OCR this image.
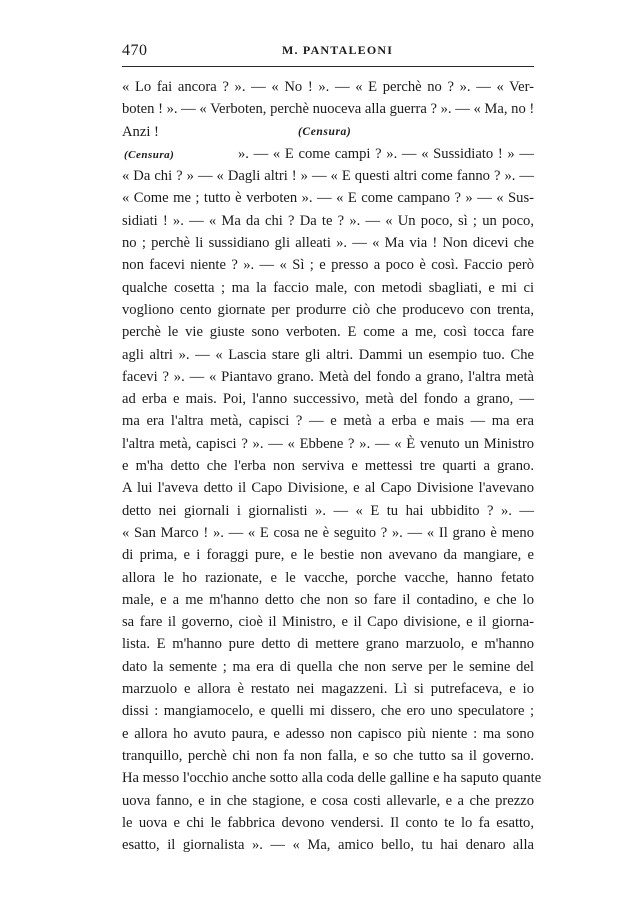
470	M. PANTALEONI
« Lo fai ancora ? ». — « No ! ». — « E perchè no ? ». — « Ver-
boten ! ». — « Verboten, perchè nuoceva alla guerra ? ». — « Ma, no !
Anzi !	(Censura)
(Censura)	». — « E come campi ? ». — « Sussidiato ! » —
« Da chi ? » — « Dagli altri ! » — « E questi altri come fanno ? ». —
« Come me ; tutto è verboten ». — « E come campano ? » — « Sus-
sidiati ! ». — « Ma da chi ? Da te ? ». — « Un poco, sì ; un poco,
no ; perchè li sussidiano gli alleati ». — « Ma via ! Non dicevi che
non facevi niente ? ». — « Sì ; e presso a poco è così. Faccio però
qualche cosetta ; ma la faccio male, con metodi sbagliati, e mi ci
vogliono cento giornate per produrre ciò che producevo con trenta,
perchè le vie giuste sono verboten. E come a me, così tocca fare
agli altri ». — « Lascia stare gli altri. Dammi un esempio tuo. Che
facevi ? ». — « Piantavo grano. Metà del fondo a grano, l'altra metà
ad erba e mais. Poi, l'anno successivo, metà del fondo a grano, —
ma era l'altra metà, capisci ? — e metà a erba e mais — ma era
l'altra metà, capisci ? ». — « Ebbene ? ». — « È venuto un Ministro
e m'ha detto che l'erba non serviva e mettessi tre quarti a grano.
A lui l'aveva detto il Capo Divisione, e al Capo Divisione l'avevano
detto nei giornali i giornalisti ». — « E tu hai ubbidito ? ». —
« San Marco ! ». — « E cosa ne è seguito ? ». — « Il grano è meno
di prima, e i foraggi pure, e le bestie non avevano da mangiare, e
allora le ho razionate, e le vacche, porche vacche, hanno fetato
male, e a me m'hanno detto che non so fare il contadino, e che lo
sa fare il governo, cioè il Ministro, e il Capo divisione, e il giorna-
lista. E m'hanno pure detto di mettere grano marzuolo, e m'hanno
dato la semente ; ma era di quella che non serve per le semine del
marzuolo e allora è restato nei magazzeni. Lì si putrefaceva, e io
dissi : mangiamocelo, e quelli mi dissero, che ero uno speculatore ;
e allora ho avuto paura, e adesso non capisco più niente : ma sono
tranquillo, perchè chi non fa non falla, e so che tutto sa il governo.
Ha messo l'occhio anche sotto alla coda delle galline e ha saputo quante
uova fanno, e in che stagione, e cosa costi allevarle, e a che prezzo
le uova e chi le fabbrica devono vendersi. Il conto te lo fa esatto,
esatto, il giornalista ». — « Ma, amico bello, tu hai denaro alla
